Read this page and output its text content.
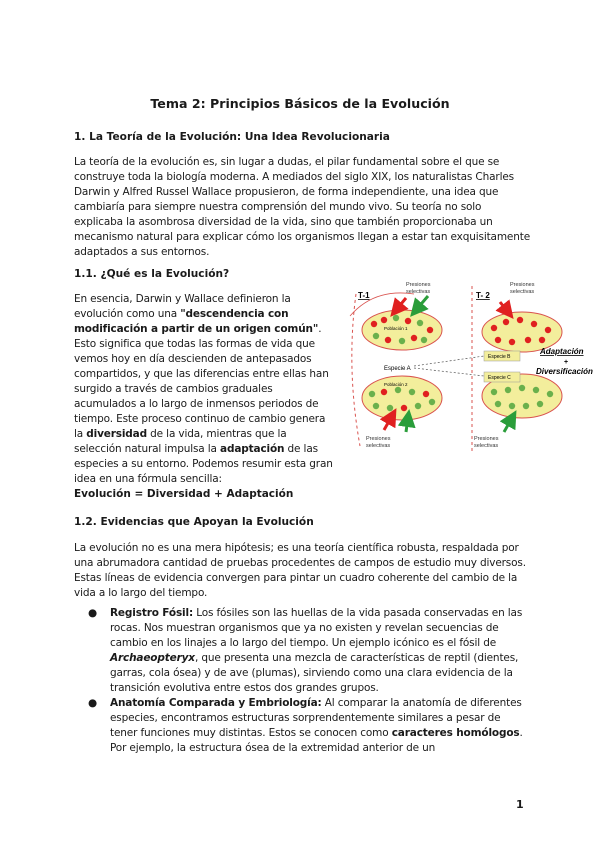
Tema 2: Principios Básicos de la Evolución
1. La Teoría de la Evolución: Una Idea Revolucionaria

La teoría de la evolución es, sin lugar a dudas, el pilar fundamental sobre el que se construye toda la biología moderna. A mediados del siglo XIX, los naturalistas Charles Darwin y Alfred Russel Wallace propusieron, de forma independiente, una idea que cambiaría para siempre nuestra comprensión del mundo vivo. Su teoría no solo explicaba la asombrosa diversidad de la vida, sino que también proporcionaba un mecanismo natural para explicar cómo los organismos llegan a estar tan exquisitamente adaptados a sus entornos.

1.1. ¿Qué es la Evolución?

En esencia, Darwin y Wallace definieron la evolución como una "descendencia con modificación a partir de un origen común". Esto significa que todas las formas de vida que vemos hoy en día descienden de antepasados compartidos, y que las diferencias entre ellas han surgido a través de cambios graduales acumulados a lo largo de inmensos periodos de tiempo. Este proceso continuo de cambio genera la diversidad de la vida, mientras que la selección natural impulsa la adaptación de las especies a su entorno. Podemos resumir esta gran idea en una fórmula sencilla:

T-1	T- 2
Presiones
selectivas
Presiones
selectivas
Población 1
Población 2
Presiones
selectivas
Especie A
Especie B
Especie C
Presiones
selectivas
Adaptación
+
Diversificación

Evolución = Diversidad + Adaptación

1.2. Evidencias que Apoyan la Evolución

La evolución no es una mera hipótesis; es una teoría científica robusta, respaldada por una abrumadora cantidad de pruebas procedentes de campos de estudio muy diversos. Estas líneas de evidencia convergen para pintar un cuadro coherente del cambio de la vida a lo largo del tiempo.

● Registro Fósil: Los fósiles son las huellas de la vida pasada conservadas en las rocas. Nos muestran organismos que ya no existen y revelan secuencias de cambio en los linajes a lo largo del tiempo. Un ejemplo icónico es el fósil de Archaeopteryx, que presenta una mezcla de características de reptil (dientes, garras, cola ósea) y de ave (plumas), sirviendo como una clara evidencia de la transición evolutiva entre estos dos grandes grupos.
● Anatomía Comparada y Embriología: Al comparar la anatomía de diferentes especies, encontramos estructuras sorprendentemente similares a pesar de tener funciones muy distintas. Estos se conocen como caracteres homólogos. Por ejemplo, la estructura ósea de la extremidad anterior de un
1
